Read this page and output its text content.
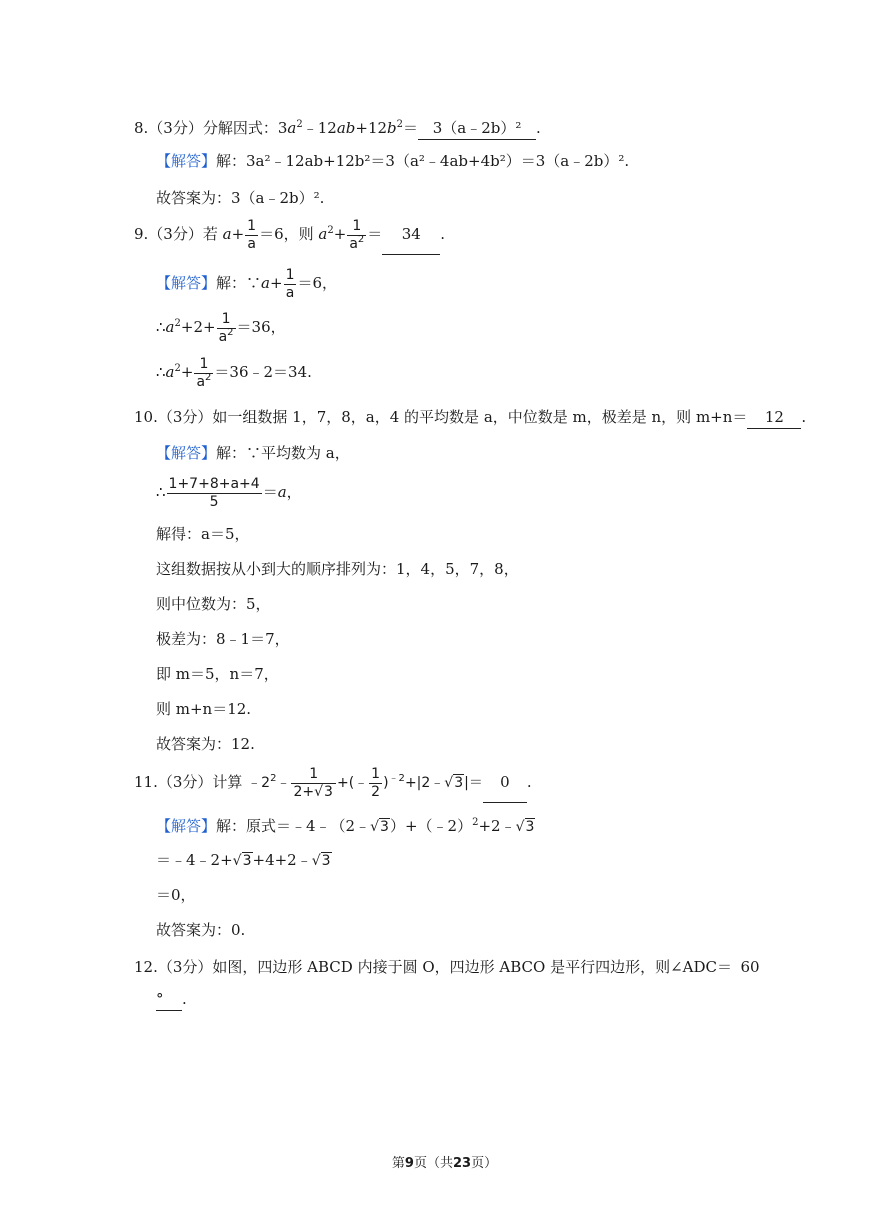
8.（3分）分解因式：$3a^2﹣12ab+12b^2=$ 3（a﹣2b）² .
【解答】解：3a²﹣12ab+12b²＝3（a²﹣4ab+4b²）＝3（a﹣2b）².
故答案为：3（a﹣2b）².
9.（3分）若 $a+ \frac{1}{a} =6$，则 $a^2+ \frac{1}{a^2} = 34$ .
【解答】解：∵a+ $\frac{1}{a} =6$，
$\therefore a^2+2+ \frac{1}{a^2} =36$，
$\therefore a^2+ \frac{1}{a^2}$ ＝36﹣2＝34.
10.（3分）如一组数据 1，7，8，a，4 的平均数是 a，中位数是 m，极差是 n，则 m+n＝ 12 .
【解答】解：∵平均数为 a，
∴ $\frac{1+7+8+a+4}{5} =a$，
解得：a＝5，
这组数据按从小到大的顺序排列为：1，4，5，7，8，
则中位数为：5，
极差为：8﹣1＝7，
即 m＝5，n＝7，
则 m+n＝12.
故答案为：12.
11.（3分）计算 $﹣2^2﹣ \frac{1}{2+√3}$ +(﹣ $\frac{1}{2}$ )$^{﹣2}$+|2﹣√3|＝ 0 .
【解答】解：原式＝﹣4﹣（2﹣√3）+（﹣2）$^2$+2﹣√3
＝﹣4﹣2+√3+4+2﹣√3
＝0，
故答案为：0.
12.（3分）如图，四边形 ABCD 内接于圆 O，四边形 ABCO 是平行四边形，则∠ADC＝ 60
° .
第9页（共23页）
